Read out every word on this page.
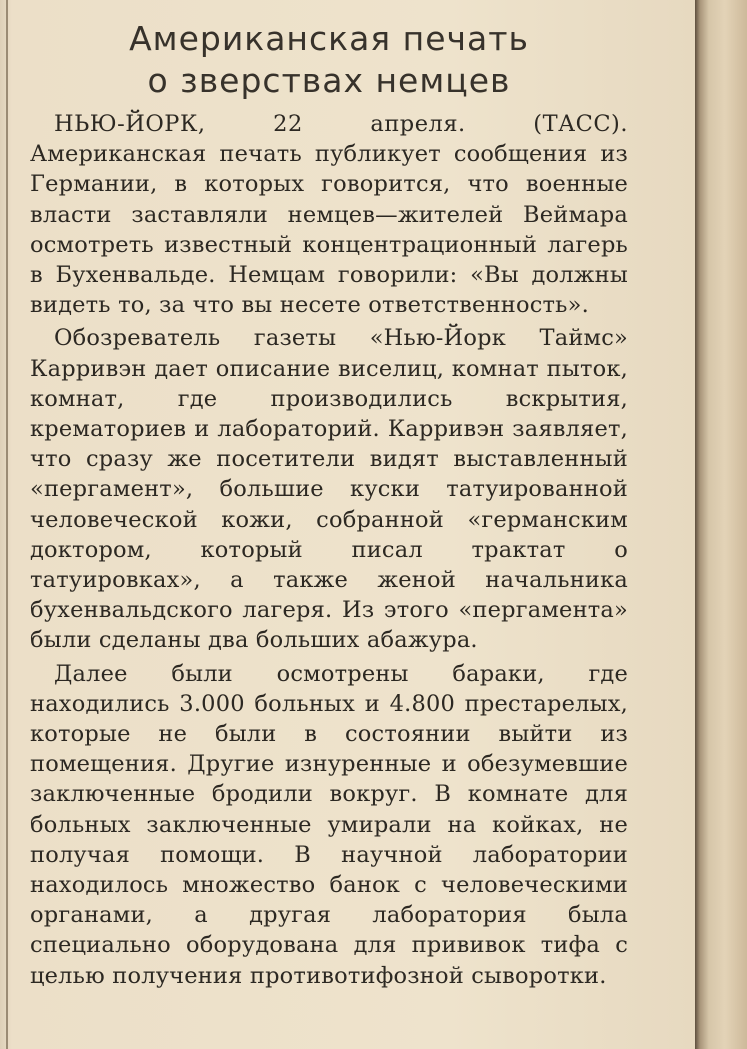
Американская печать
о зверствах немцев

НЬЮ-ЙОРК, 22 апреля. (ТАСС). Американская печать публикует сообщения из Германии, в которых говорится, что военные власти заставляли немцев—жителей Веймара осмотреть известный концентрационный лагерь в Бухенвальде. Немцам говорили: «Вы должны видеть то, за что вы несете ответственность».

Обозреватель газеты «Нью-Йорк Таймс» Карривэн дает описание виселиц, комнат пыток, комнат, где производились вскрытия, крематориев и лабораторий. Карривэн заявляет, что сразу же посетители видят выставленный «пергамент», большие куски татуированной человеческой кожи, собранной «германским доктором, который писал трактат о татуировках», а также женой начальника бухенвальдского лагеря. Из этого «пергамента» были сделаны два больших абажура.

Далее были осмотрены бараки, где находились 3.000 больных и 4.800 престарелых, которые не были в состоянии выйти из помещения. Другие изнуренные и обезумевшие заключенные бродили вокруг. В комнате для больных заключенные умирали на койках, не получая помощи. В научной лаборатории находилось множество банок с человеческими органами, а другая лаборатория была специально оборудована для прививок тифа с целью получения противотифозной сыворотки.
